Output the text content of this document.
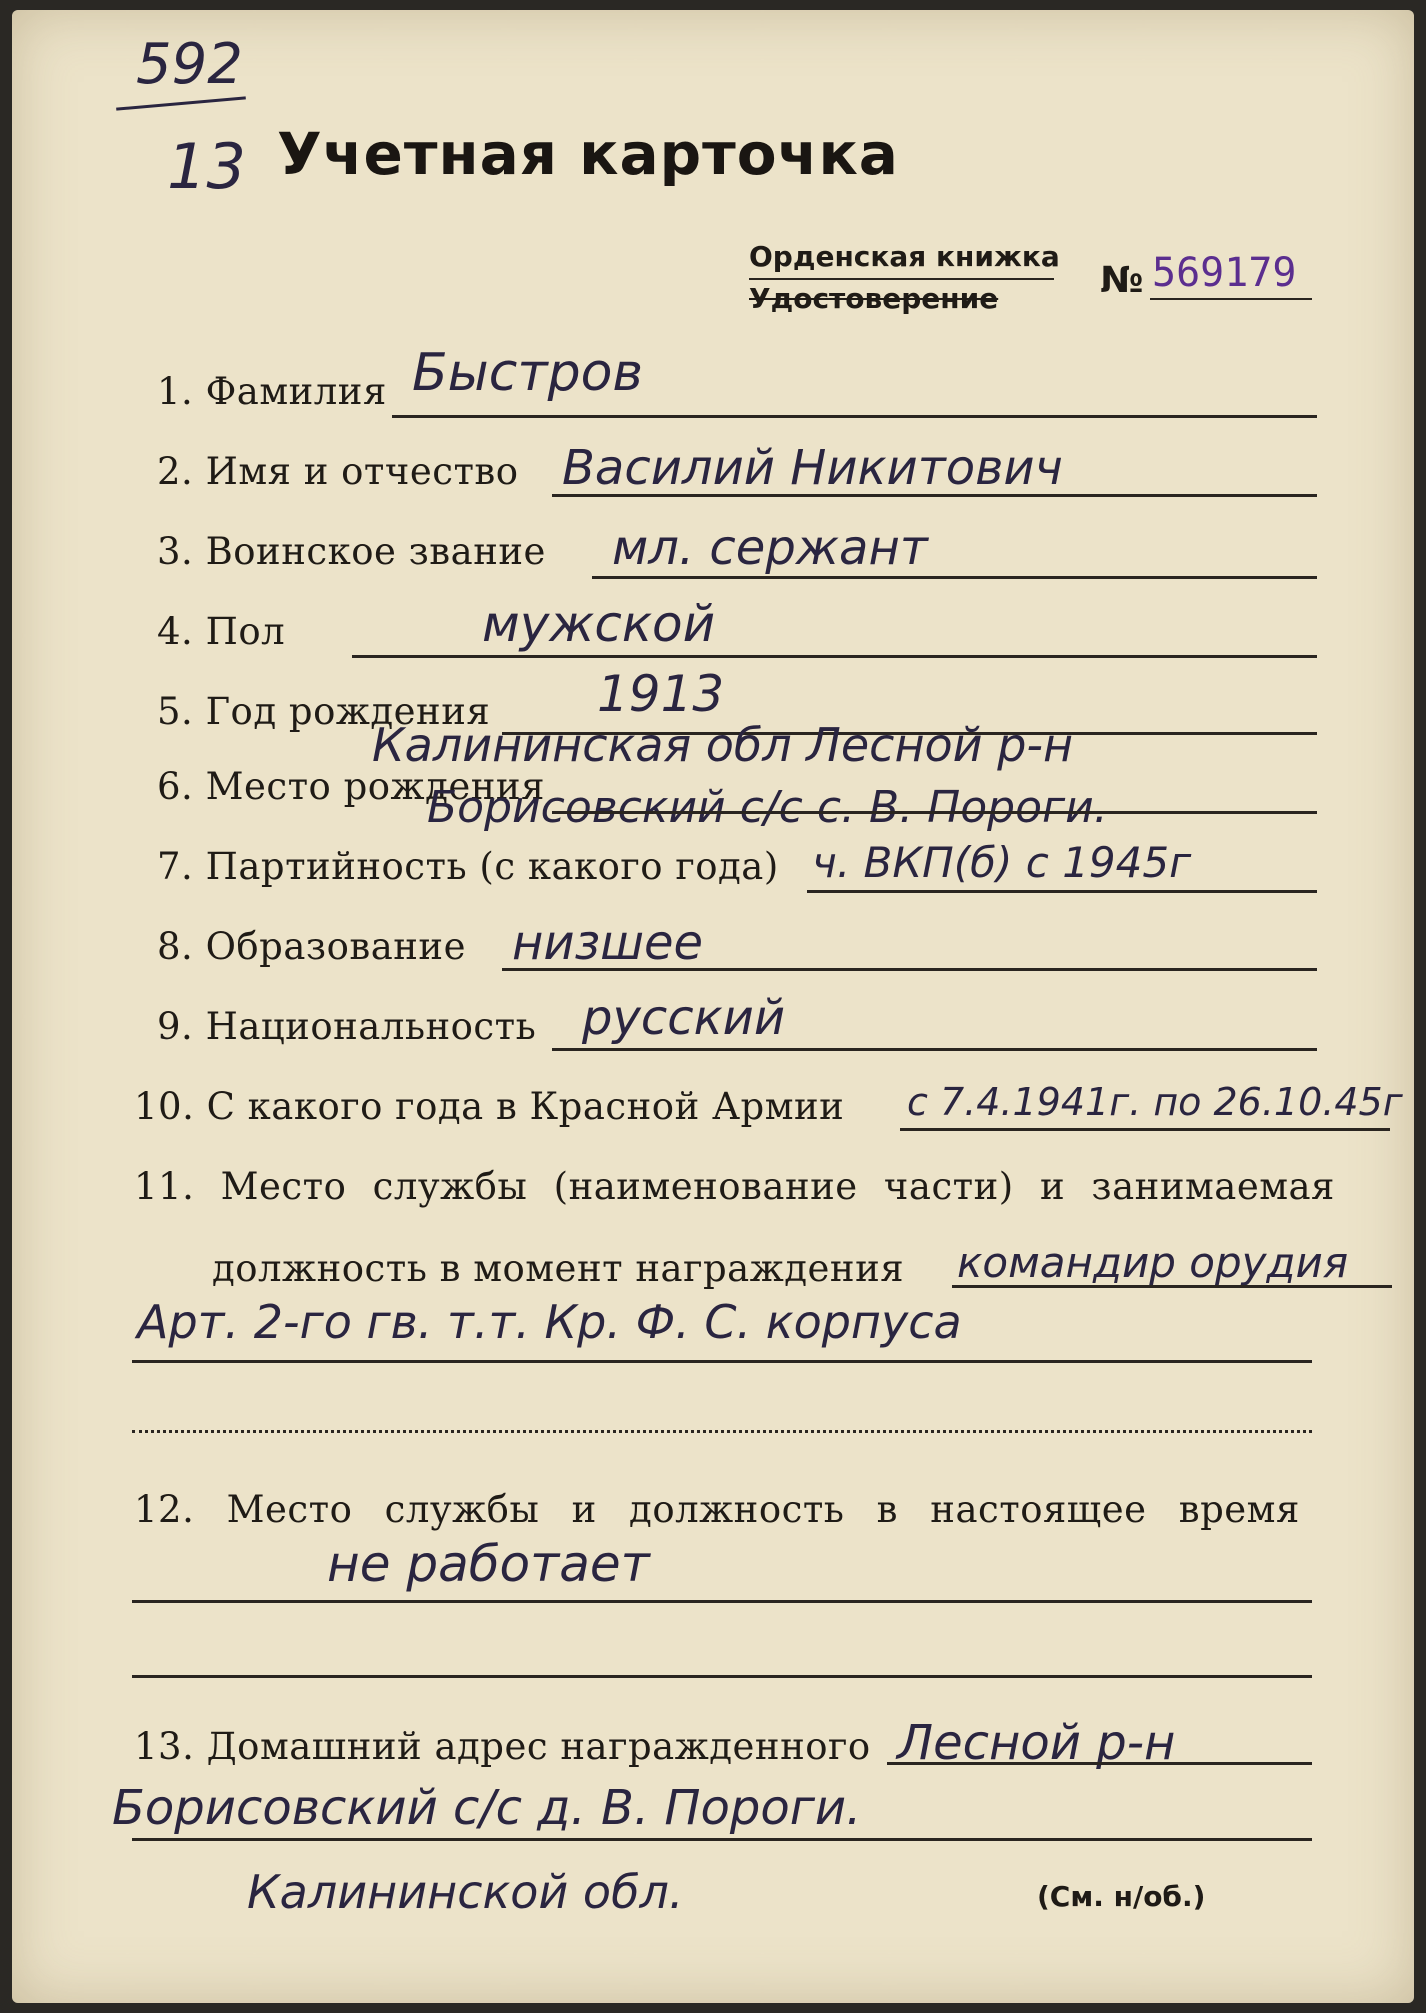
592
13 Учетная карточка
Орденская книжка
Удостоверение	№ 569179
1. Фамилия Быстров
2. Имя и отчество Василий Никитович
3. Воинское звание мл. сержант
4. Пол	мужской
5. Год рождения 1913
Калининская обл Лесной р-н
6. Место рождения
Борисовский с/с с. В. Пороги.
7. Партийность (с какого года) ч. ВКП(б) с 1945г
8. Образование низшее
9. Национальность русский
10. С какого года в Красной Армии с 7.4.1941г. по 26.10.45г
11. Место службы (наименование части) и занимаемая
должность в момент награждения командир орудия
Арт. 2-го гв. т.т. Кр. Ф. С. корпуса
12. Место службы и должность в настоящее время
не работает
13. Домашний адрес награжденного Лесной р-н
Борисовский с/с д. В. Пороги.
Калининской обл.	(См. н/об.)
